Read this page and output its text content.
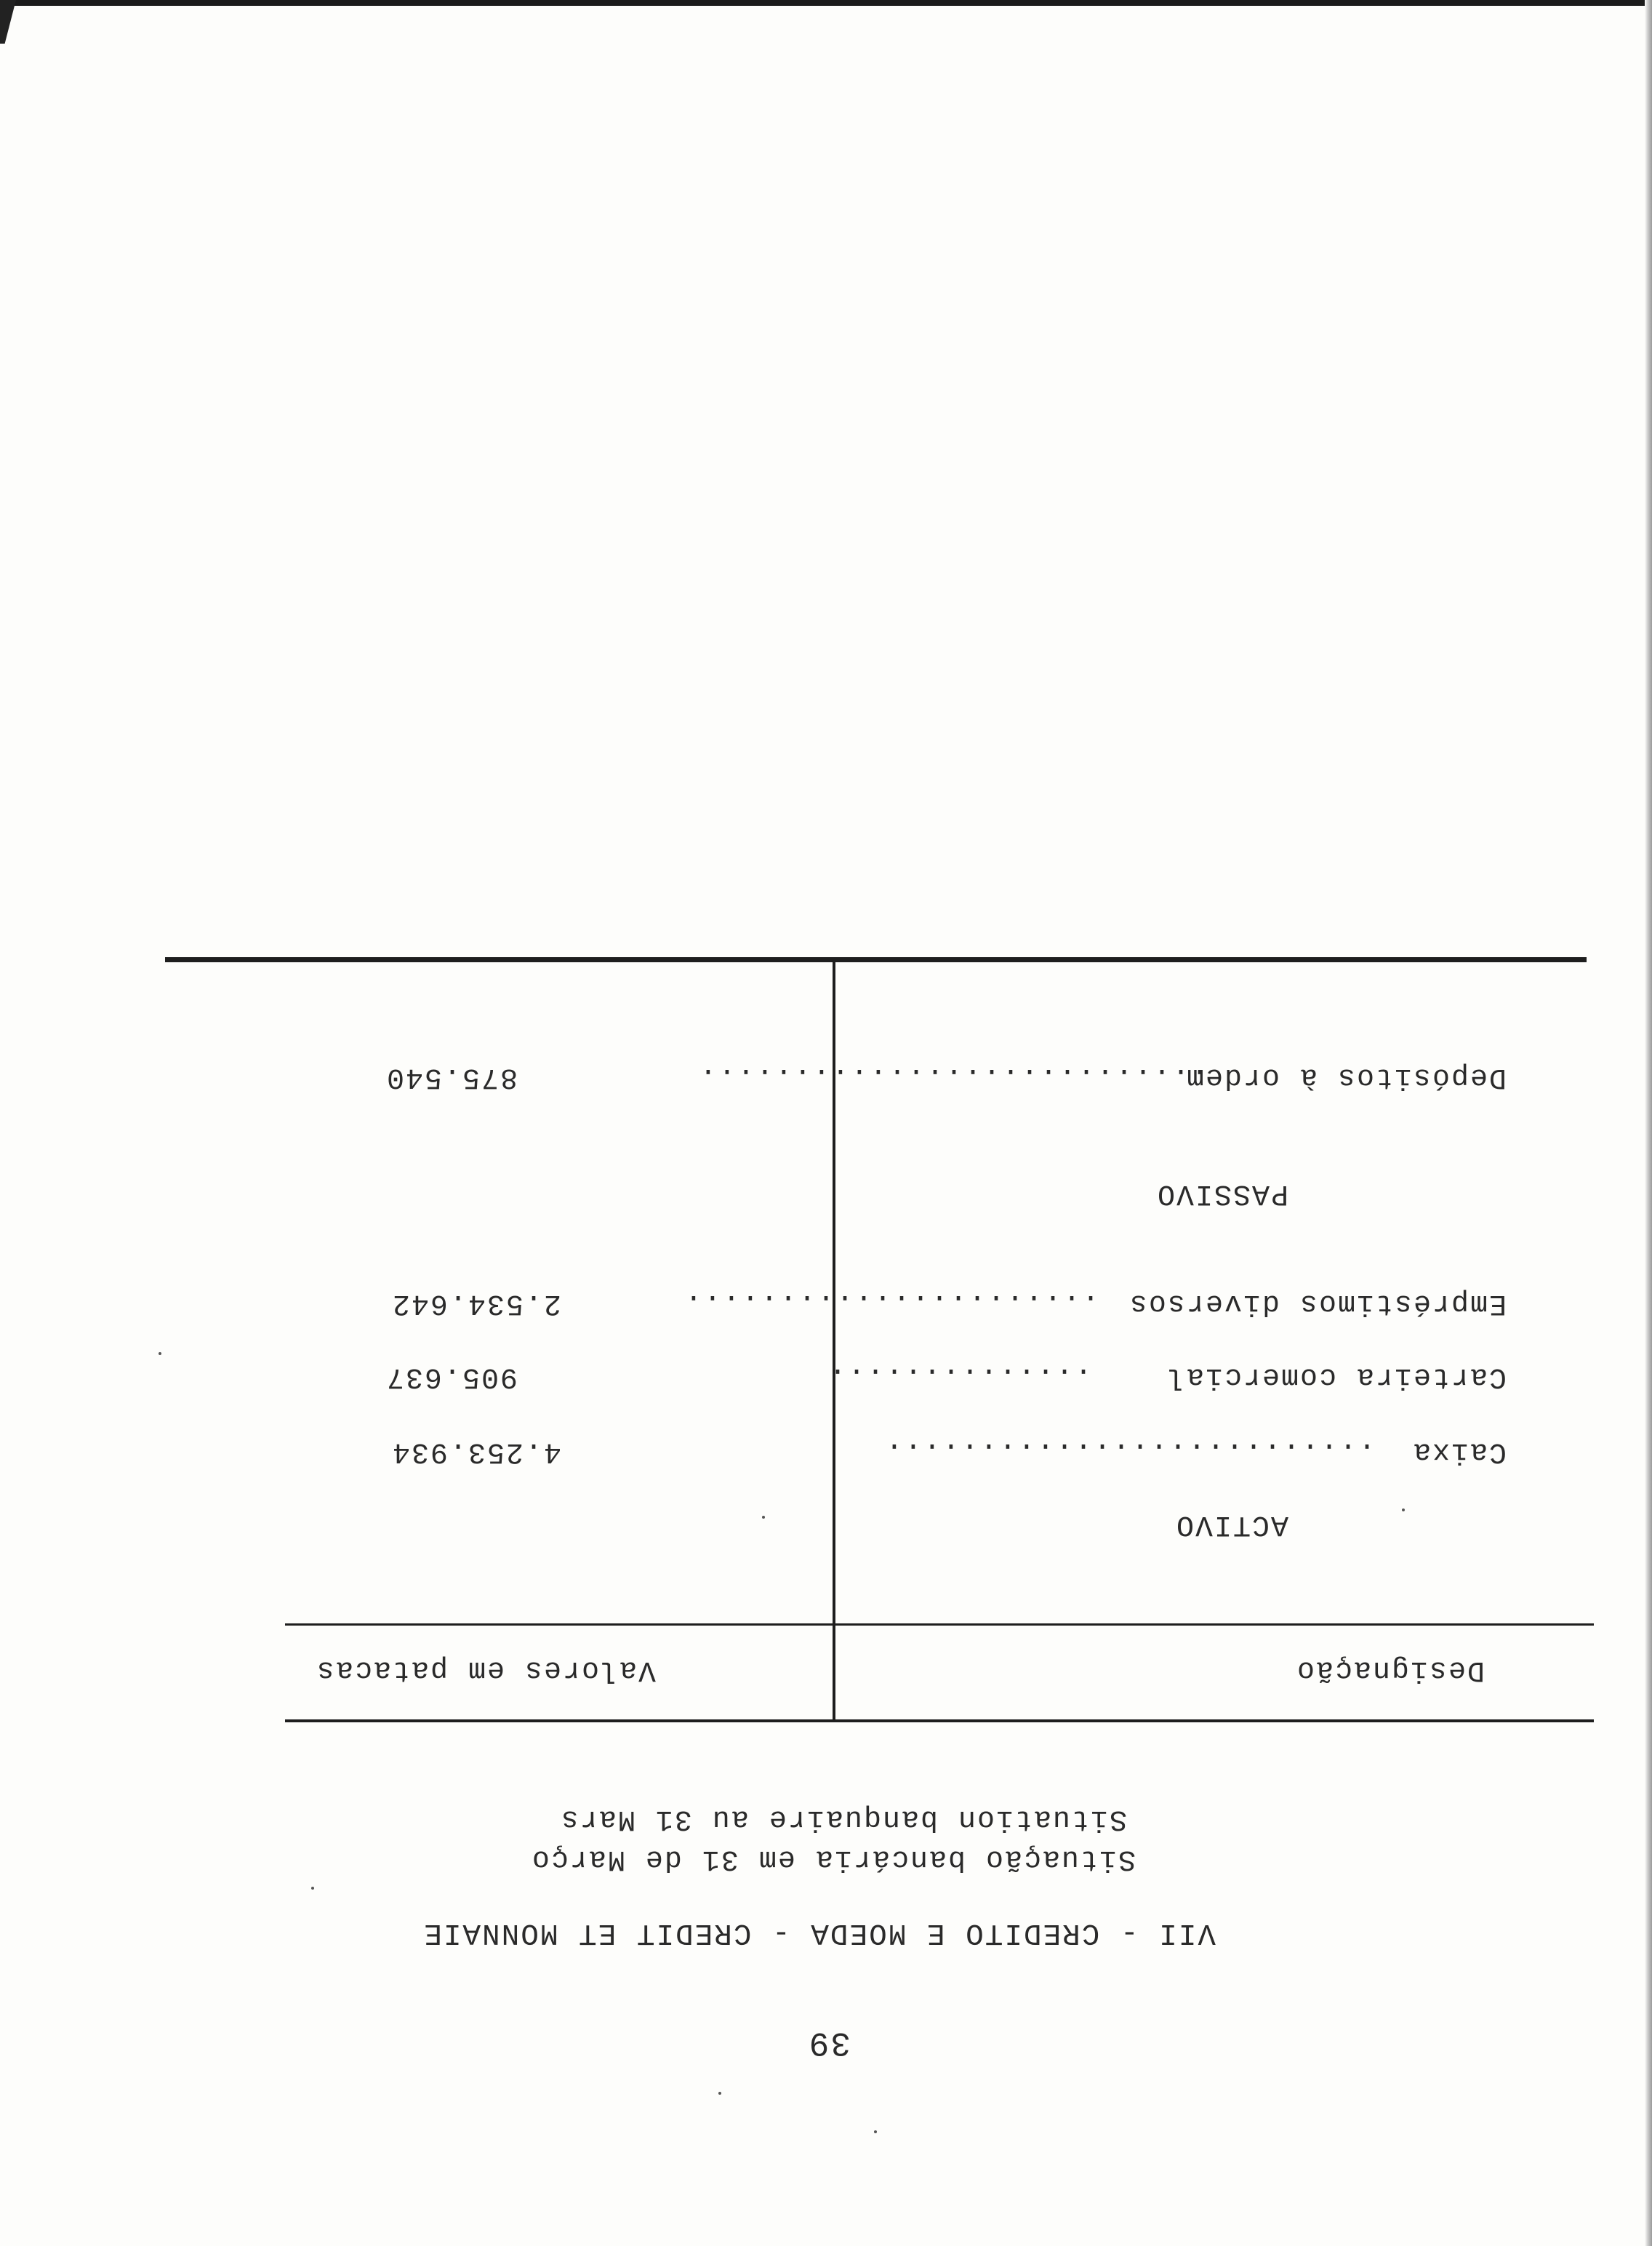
39
VII - CREDITO E MOEDA - CREDIT ET MONNAIE
Situação bancária em 31 de Março
Situation banquaire au 31 Mars
Designação
Valores em patacas
ACTIVO
Caixa
..........................
4.253.934
Carteira comercial
..............
905.637
Empréstimos diversos
......................
2.534.642
PASSIVO
Depósitos à ordem
...........................
875.540
